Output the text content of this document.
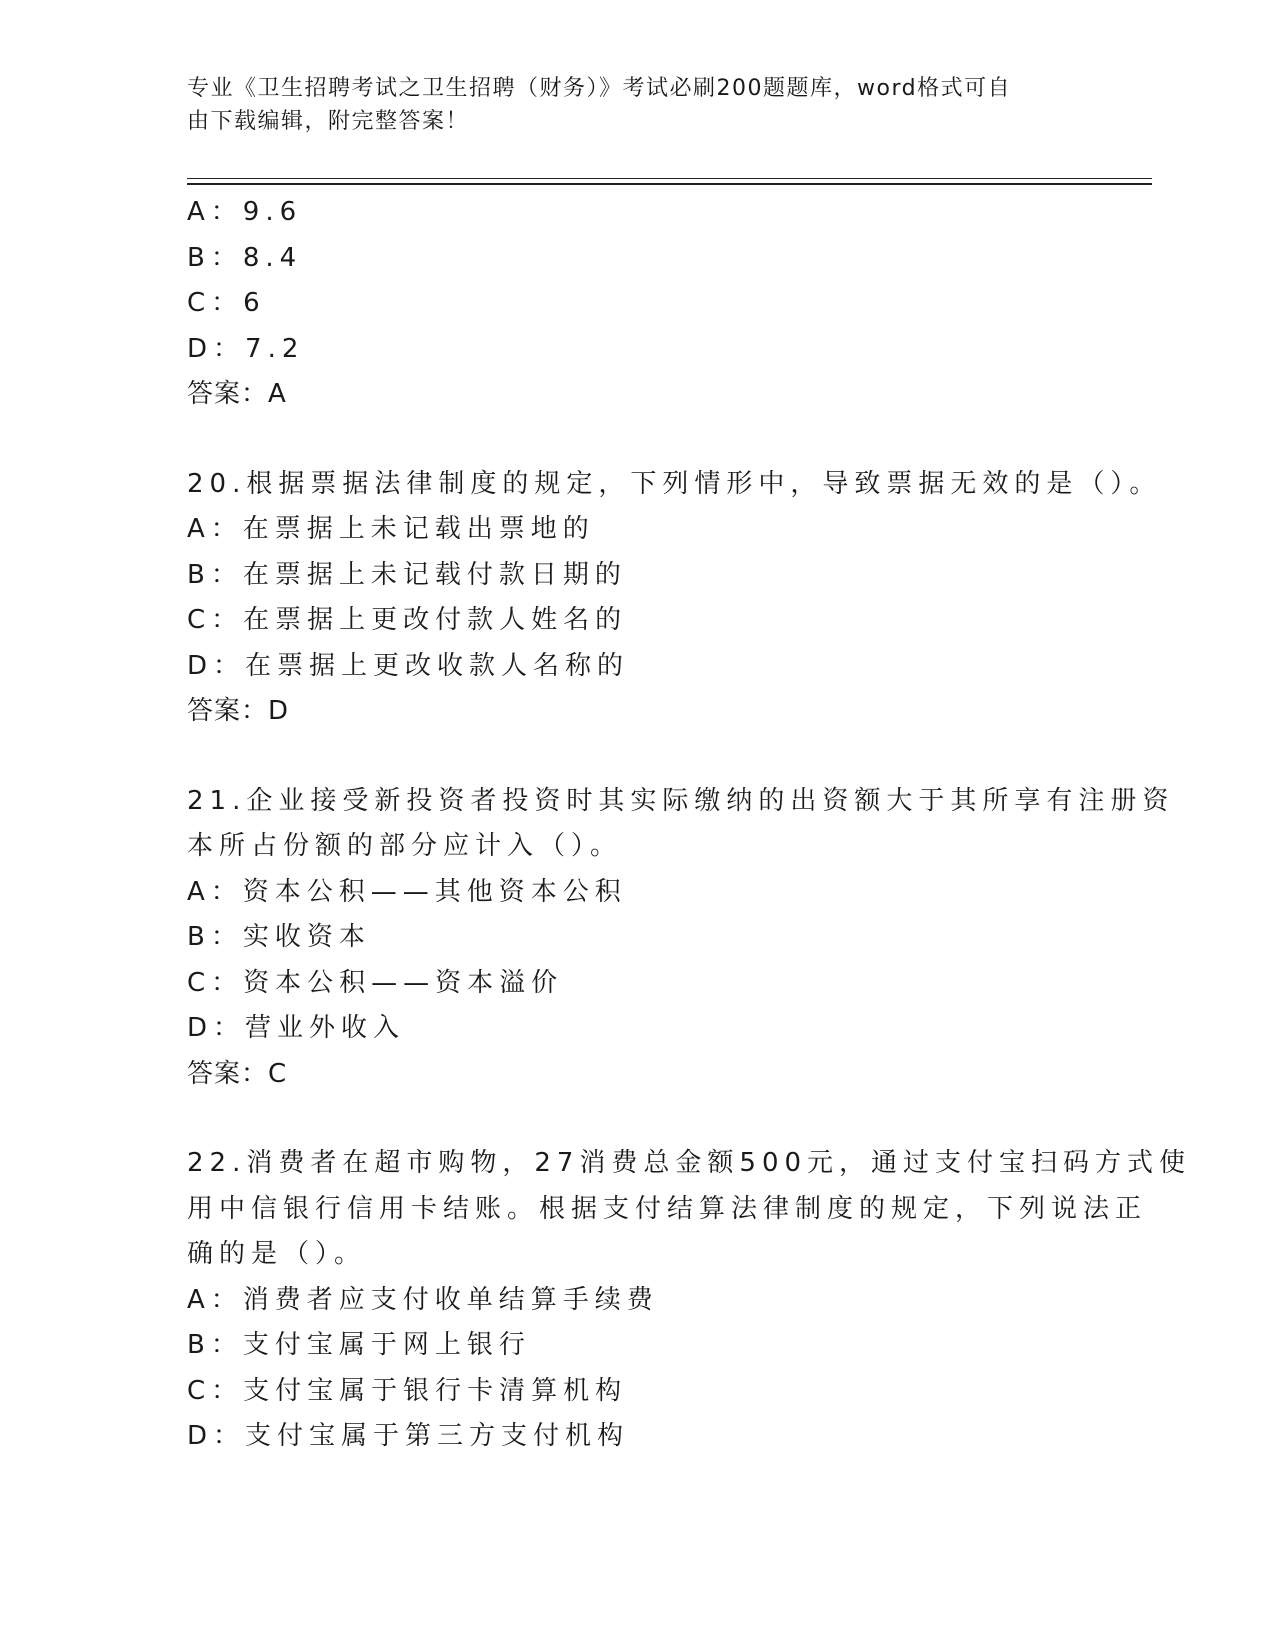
专业《卫生招聘考试之卫生招聘（财务）》考试必刷200题题库，word格式可自
由下载编辑，附完整答案！
A：9.6
B：8.4
C：6
D：7.2
答案：A
20.根据票据法律制度的规定，下列情形中，导致票据无效的是（）。
A：在票据上未记载出票地的
B：在票据上未记载付款日期的
C：在票据上更改付款人姓名的
D：在票据上更改收款人名称的
答案：D
21.企业接受新投资者投资时其实际缴纳的出资额大于其所享有注册资
本所占份额的部分应计入（）。
A：资本公积——其他资本公积
B：实收资本
C：资本公积——资本溢价
D：营业外收入
答案：C
22.消费者在超市购物，27消费总金额500元，通过支付宝扫码方式使
用中信银行信用卡结账。根据支付结算法律制度的规定，下列说法正
确的是（）。
A：消费者应支付收单结算手续费
B：支付宝属于网上银行
C：支付宝属于银行卡清算机构
D：支付宝属于第三方支付机构
